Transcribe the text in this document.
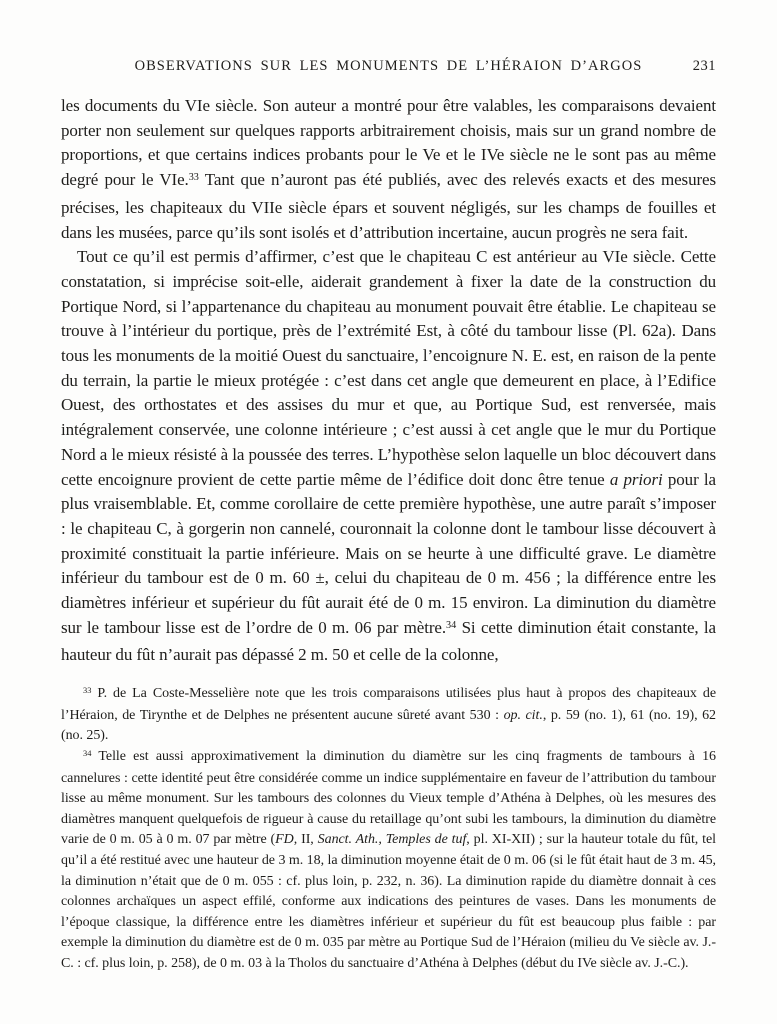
OBSERVATIONS SUR LES MONUMENTS DE L’HÉRAION D’ARGOS	231

les documents du VIe siècle. Son auteur a montré pour être valables, les comparaisons devaient porter non seulement sur quelques rapports arbitrairement choisis, mais sur un grand nombre de proportions, et que certains indices probants pour le Ve et le IVe siècle ne le sont pas au même degré pour le VIe.$^{33}$ Tant que n’auront pas été publiés, avec des relevés exacts et des mesures précises, les chapiteaux du VIIe siècle épars et souvent négligés, sur les champs de fouilles et dans les musées, parce qu’ils sont isolés et d’attribution incertaine, aucun progrès ne sera fait.

Tout ce qu’il est permis d’affirmer, c’est que le chapiteau C est antérieur au VIe siècle. Cette constatation, si imprécise soit-elle, aiderait grandement à fixer la date de la construction du Portique Nord, si l’appartenance du chapiteau au monument pouvait être établie. Le chapiteau se trouve à l’intérieur du portique, près de l’extrémité Est, à côté du tambour lisse (Pl. 62a). Dans tous les monuments de la moitié Ouest du sanctuaire, l’encoignure N. E. est, en raison de la pente du terrain, la partie le mieux protégée : c’est dans cet angle que demeurent en place, à l’Edifice Ouest, des orthostates et des assises du mur et que, au Portique Sud, est renversée, mais intégralement conservée, une colonne intérieure ; c’est aussi à cet angle que le mur du Portique Nord a le mieux résisté à la poussée des terres. L’hypothèse selon laquelle un bloc découvert dans cette encoignure provient de cette partie même de l’édifice doit donc être tenue a priori pour la plus vraisemblable. Et, comme corollaire de cette première hypothèse, une autre paraît s’imposer : le chapiteau C, à gorgerin non cannelé, couronnait la colonne dont le tambour lisse découvert à proximité constituait la partie inférieure. Mais on se heurte à une difficulté grave. Le diamètre inférieur du tambour est de 0 m. 60 ±, celui du chapiteau de 0 m. 456 ; la différence entre les diamètres inférieur et supérieur du fût aurait été de 0 m. 15 environ. La diminution du diamètre sur le tambour lisse est de l’ordre de 0 m. 06 par mètre.$^{34}$ Si cette diminution était constante, la hauteur du fût n’aurait pas dépassé 2 m. 50 et celle de la colonne,

$^{33}$ P. de La Coste-Messelière note que les trois comparaisons utilisées plus haut à propos des chapiteaux de l’Héraion, de Tirynthe et de Delphes ne présentent aucune sûreté avant 530 : op. cit., p. 59 (no. 1), 61 (no. 19), 62 (no. 25).

$^{34}$ Telle est aussi approximativement la diminution du diamètre sur les cinq fragments de tambours à 16 cannelures : cette identité peut être considérée comme un indice supplémentaire en faveur de l’attribution du tambour lisse au même monument. Sur les tambours des colonnes du Vieux temple d’Athéna à Delphes, où les mesures des diamètres manquent quelquefois de rigueur à cause du retaillage qu’ont subi les tambours, la diminution du diamètre varie de 0 m. 05 à 0 m. 07 par mètre (FD, II, Sanct. Ath., Temples de tuf, pl. XI-XII) ; sur la hauteur totale du fût, tel qu’il a été restitué avec une hauteur de 3 m. 18, la diminution moyenne était de 0 m. 06 (si le fût était haut de 3 m. 45, la diminution n’était que de 0 m. 055 : cf. plus loin, p. 232, n. 36). La diminution rapide du diamètre donnait à ces colonnes archaïques un aspect effilé, conforme aux indications des peintures de vases. Dans les monuments de l’époque classique, la différence entre les diamètres inférieur et supérieur du fût est beaucoup plus faible : par exemple la diminution du diamètre est de 0 m. 035 par mètre au Portique Sud de l’Héraion (milieu du Ve siècle av. J.-C. : cf. plus loin, p. 258), de 0 m. 03 à la Tholos du sanctuaire d’Athéna à Delphes (début du IVe siècle av. J.-C.).
